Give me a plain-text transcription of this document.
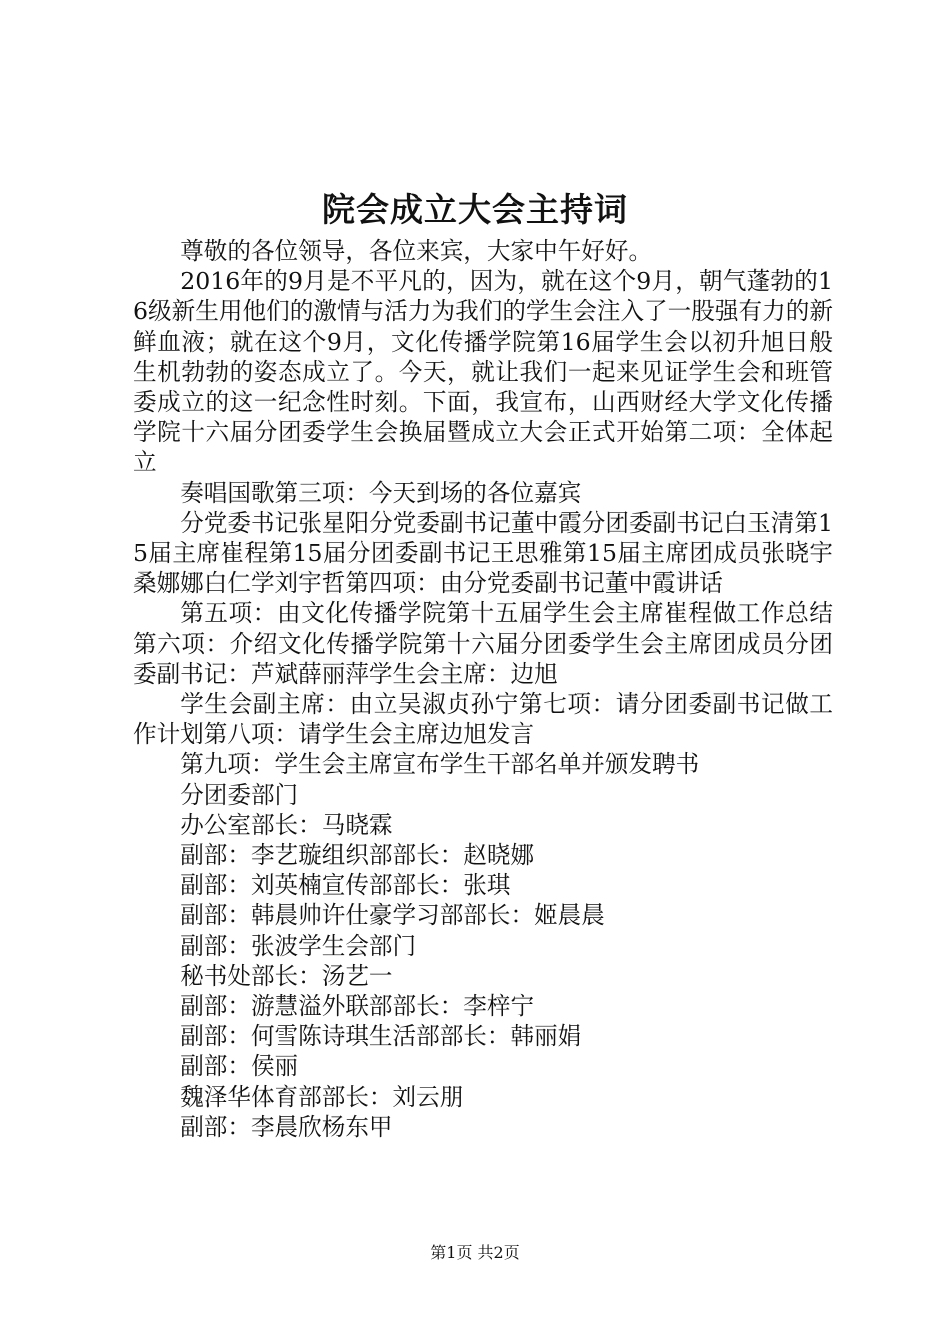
院会成立大会主持词

尊敬的各位领导，各位来宾，大家中午好好。

2016年的9月是不平凡的，因为，就在这个9月，朝气蓬勃的16级新生用他们的激情与活力为我们的学生会注入了一股强有力的新鲜血液；就在这个9月，文化传播学院第16届学生会以初升旭日般生机勃勃的姿态成立了。今天，就让我们一起来见证学生会和班管委成立的这一纪念性时刻。下面，我宣布，山西财经大学文化传播学院十六届分团委学生会换届暨成立大会正式开始第二项：全体起立

奏唱国歌第三项：今天到场的各位嘉宾

分党委书记张星阳分党委副书记董中霞分团委副书记白玉清第15届主席崔程第15届分团委副书记王思雅第15届主席团成员张晓宇桑娜娜白仁学刘宇哲第四项：由分党委副书记董中霞讲话

第五项：由文化传播学院第十五届学生会主席崔程做工作总结第六项：介绍文化传播学院第十六届分团委学生会主席团成员分团委副书记：芦斌薛丽萍学生会主席：边旭

学生会副主席：由立吴淑贞孙宁第七项：请分团委副书记做工作计划第八项：请学生会主席边旭发言

第九项：学生会主席宣布学生干部名单并颁发聘书

分团委部门

办公室部长：马晓霖

副部：李艺璇组织部部长：赵晓娜

副部：刘英楠宣传部部长：张琪

副部：韩晨帅许仕豪学习部部长：姬晨晨

副部：张波学生会部门

秘书处部长：汤艺一

副部：游慧溢外联部部长：李梓宁

副部：何雪陈诗琪生活部部长：韩丽娟

副部：侯丽

魏泽华体育部部长：刘云朋

副部：李晨欣杨东甲

第1页 共2页
